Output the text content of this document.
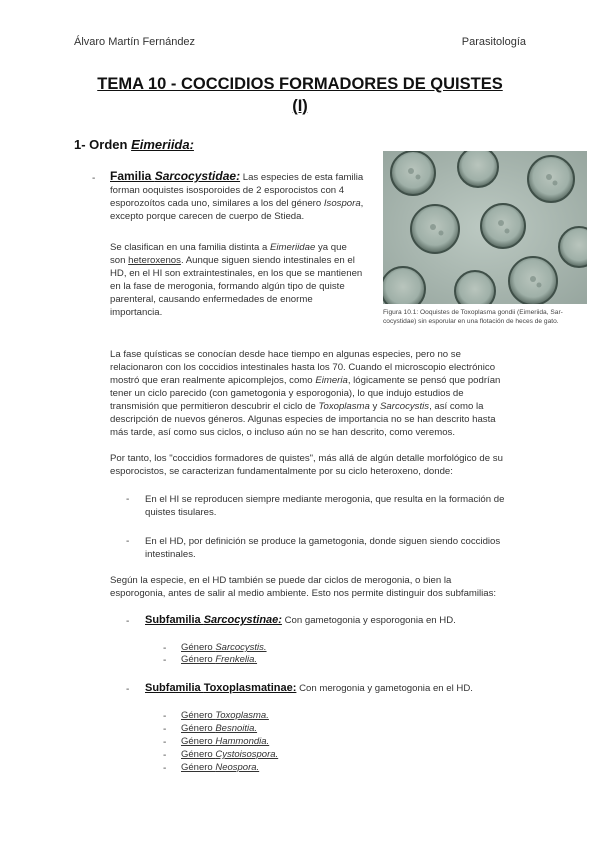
Álvaro Martín Fernández	Parasitología
TEMA 10 - COCCIDIOS FORMADORES DE QUISTES
(I)
1- Orden Eimeriida:
- Familia Sarcocystidae: Las especies de esta familia
forman ooquistes isosporoides de 2 esporocistos con 4
esporozoítos cada uno, similares a los del género Isospora,
excepto porque carecen de cuerpo de Stieda.
Se clasifican en una familia distinta a Eimeriidae ya que
son heteroxenos. Aunque siguen siendo intestinales en el
HD, en el HI son extraintestinales, en los que se mantienen
en la fase de merogonia, formando algún tipo de quiste
parenteral, causando enfermedades de enorme
importancia.	Figura 10.1: Ooquistes de Toxoplasma gondii (Eimeriida, Sar-
cocystidae) sin esporular en una flotación de heces de gato.
La fase quísticas se conocían desde hace tiempo en algunas especies, pero no se
relacionaron con los coccidios intestinales hasta los 70. Cuando el microscopio electrónico
mostró que eran realmente apicomplejos, como Eimeria, lógicamente se pensó que podrían
tener un ciclo parecido (con gametogonia y esporogonia), lo que indujo estudios de
transmisión que permitieron descubrir el ciclo de Toxoplasma y Sarcocystis, así como la
descripción de nuevos géneros. Algunas especies de importancia no se han descrito hasta
más tarde, así como sus ciclos, o incluso aún no se han descrito, como veremos.
Por tanto, los "coccidios formadores de quistes", más allá de algún detalle morfológico de su
esporocistos, se caracterizan fundamentalmente por su ciclo heteroxeno, donde:
- En el HI se reproducen siempre mediante merogonia, que resulta en la formación de
quistes tisulares.
- En el HD, por definición se produce la gametogonia, donde siguen siendo coccidios
intestinales.
Según la especie, en el HD también se puede dar ciclos de merogonia, o bien la
esporogonia, antes de salir al medio ambiente. Esto nos permite distinguir dos subfamilias:
- Subfamilia Sarcocystinae: Con gametogonia y esporogonia en HD.
- Género Sarcocystis.
- Género Frenkelia.
- Subfamilia Toxoplasmatinae: Con merogonia y gametogonia en el HD.
- Género Toxoplasma.
- Género Besnoitia.
- Género Hammondia.
- Género Cystoisospora.
- Género Neospora.
